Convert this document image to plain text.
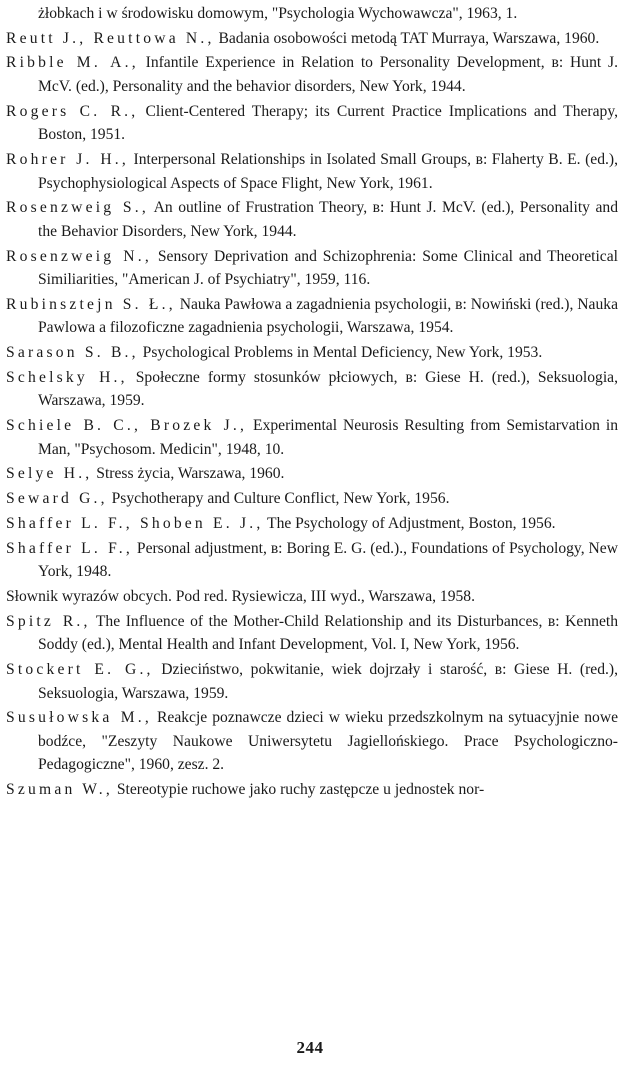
żłobkach i w środowisku domowym, "Psychologia Wychowawcza", 1963, 1.

Reutt J., Reuttowa N., Badania osobowości metodą TAT Murraya, Warszawa, 1960.

Ribble M. A., Infantile Experience in Relation to Personality Development, в: Hunt J. McV. (ed.), Personality and the behavior disorders, New York, 1944.

Rogers C. R., Client-Centered Therapy; its Current Practice Implications and Therapy, Boston, 1951.

Rohrer J. H., Interpersonal Relationships in Isolated Small Groups, в: Flaherty B. E. (ed.), Psychophysiological Aspects of Space Flight, New York, 1961.

Rosenzweig S., An outline of Frustration Theory, в: Hunt J. McV. (ed.), Personality and the Behavior Disorders, New York, 1944.

Rosenzweig N., Sensory Deprivation and Schizophrenia: Some Clinical and Theoretical Similiarities, "American J. of Psychiatry", 1959, 116.

Rubinsztejn S. Ł., Nauka Pawłowa a zagadnienia psychologii, в: Nowiński (red.), Nauka Pawlowa a filozoficzne zagadnienia psychologii, Warszawa, 1954.

Sarason S. B., Psychological Problems in Mental Deficiency, New York, 1953.

Schelsky H., Społeczne formy stosunków płciowych, в: Giese H. (red.), Seksuologia, Warszawa, 1959.

Schiele B. C., Brozek J., Experimental Neurosis Resulting from Semistarvation in Man, "Psychosom. Medicin", 1948, 10.

Selye H., Stress życia, Warszawa, 1960.

Seward G., Psychotherapy and Culture Conflict, New York, 1956.

Shaffer L. F., Shoben E. J., The Psychology of Adjustment, Boston, 1956.

Shaffer L. F., Personal adjustment, в: Boring E. G. (ed.)., Foundations of Psychology, New York, 1948.

Słownik wyrazów obcych. Pod red. Rysiewicza, III wyd., Warszawa, 1958.

Spitz R., The Influence of the Mother-Child Relationship and its Disturbances, в: Kenneth Soddy (ed.), Mental Health and Infant Development, Vol. I, New York, 1956.

Stockert E. G., Dzieciństwo, pokwitanie, wiek dojrzały i starość, в: Giese H. (red.), Seksuologia, Warszawa, 1959.

Susułowska M., Reakcje poznawcze dzieci w wieku przedszkolnym na sytuacyjnie nowe bodźce, "Zeszyty Naukowe Uniwersytetu Jagiellońskiego. Prace Psychologiczno-Pedagogiczne", 1960, zesz. 2.

Szuman W., Stereotypie ruchowe jako ruchy zastępcze u jednostek nor-

244
